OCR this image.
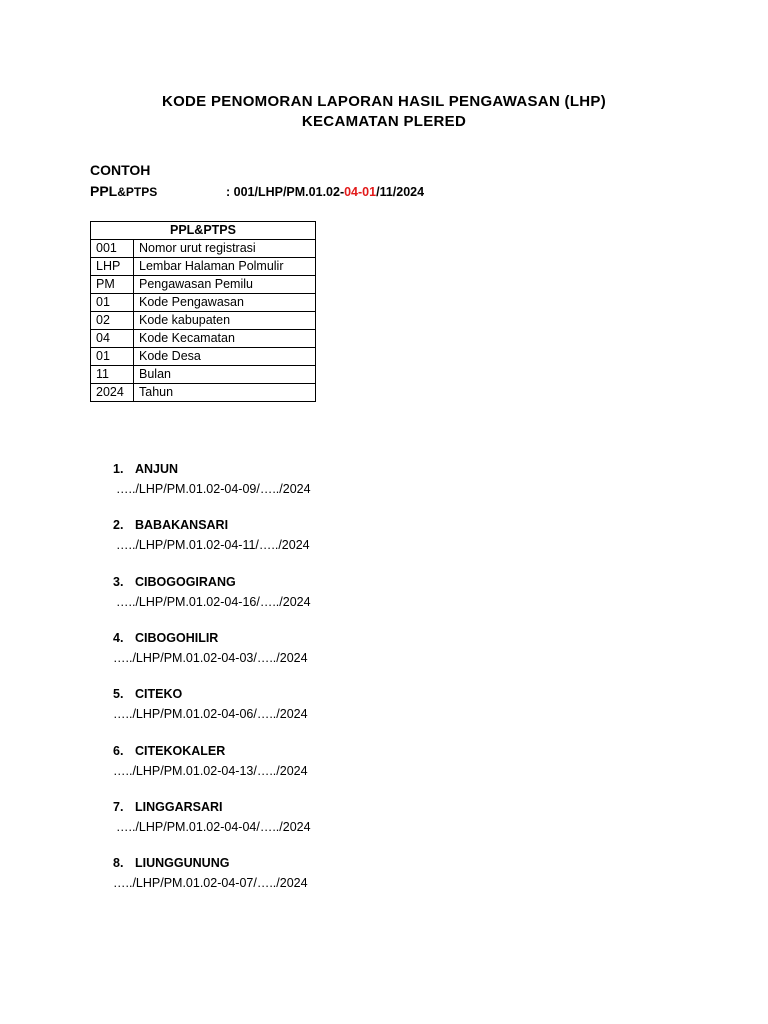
KODE PENOMORAN LAPORAN HASIL PENGAWASAN (LHP)
KECAMATAN PLERED
CONTOH
PPL&PTPS	: 001/LHP/PM.01.02-04-01/11/2024
PPL&PTPS	
001	Nomor urut registrasi
LHP	Lembar Halaman Polmulir
PM	Pengawasan Pemilu
01	Kode Pengawasan
02	Kode kabupaten
04	Kode Kecamatan
01	Kode Desa
11	Bulan
2024	Tahun
1. ANJUN
…../LHP/PM.01.02-04-09/…../2024
2. BABAKANSARI
…../LHP/PM.01.02-04-11/…../2024
3. CIBOGOGIRANG
…../LHP/PM.01.02-04-16/…../2024
4. CIBOGOHILIR
…../LHP/PM.01.02-04-03/…../2024
5. CITEKO
…../LHP/PM.01.02-04-06/…../2024
6. CITEKOKALER
…../LHP/PM.01.02-04-13/…../2024
7. LINGGARSARI
…../LHP/PM.01.02-04-04/…../2024
8. LIUNGGUNUNG
…../LHP/PM.01.02-04-07/…../2024
